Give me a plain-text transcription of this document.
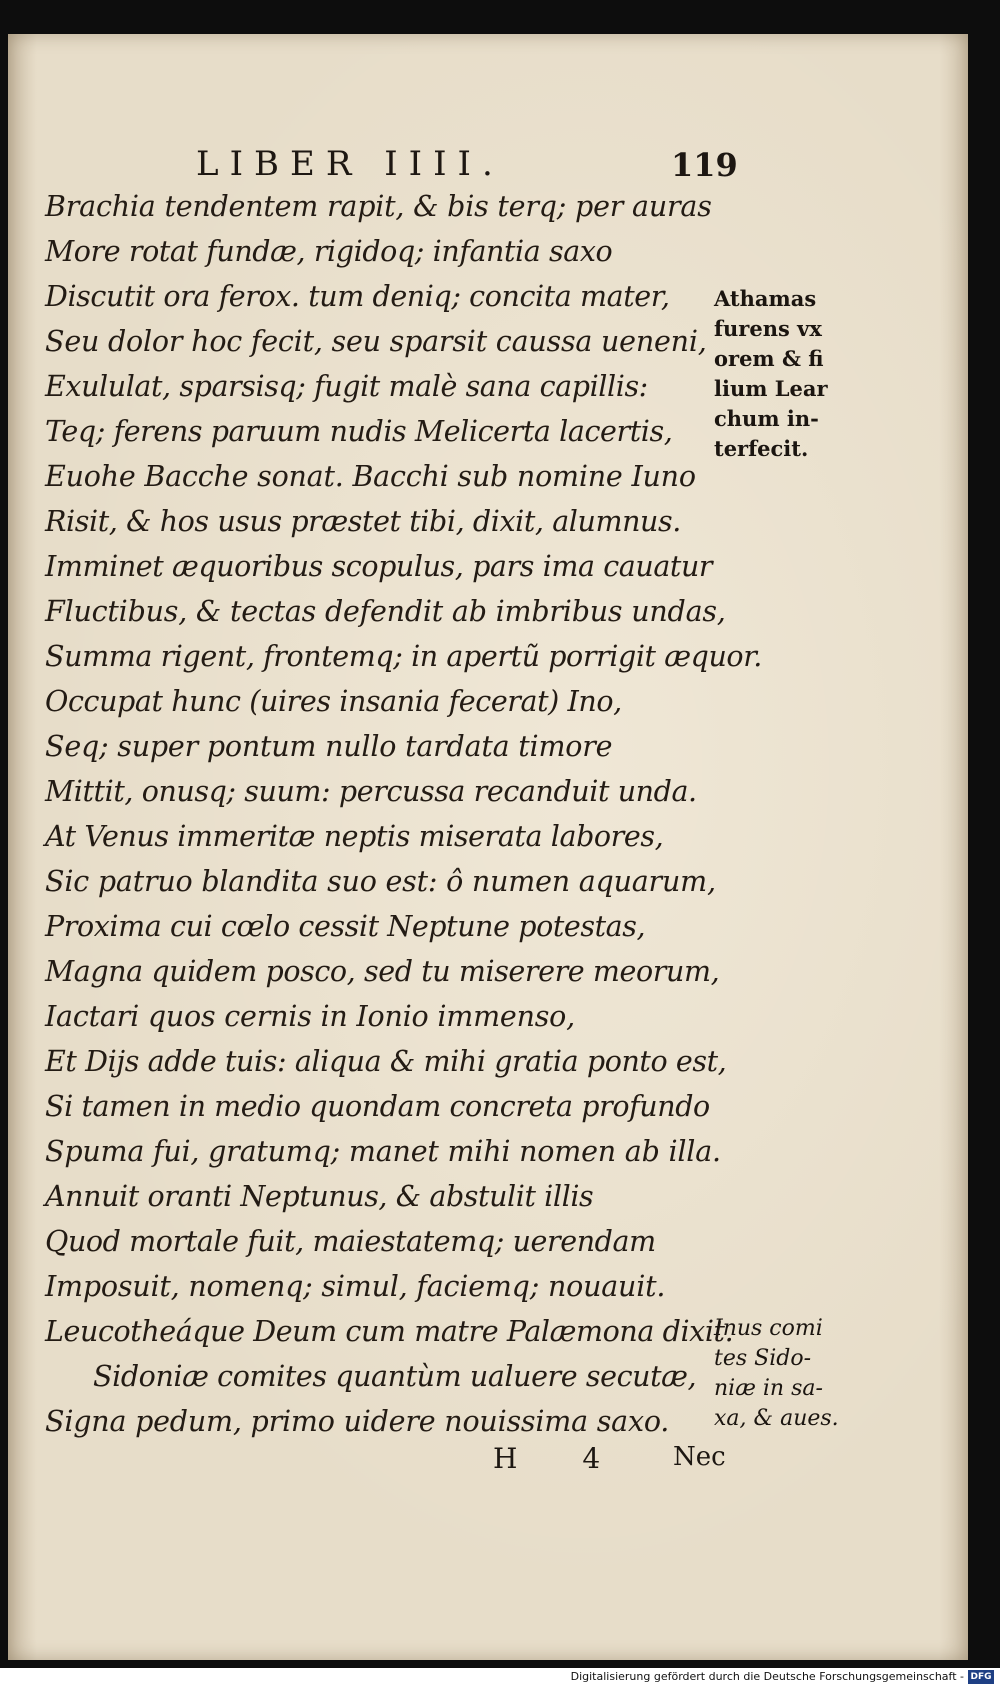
LIBER IIII.	119
Brachia tendentem rapit, & bis terq; per auras
More rotat fundæ, rigidoq; infantia saxo
Discutit ora ferox. tum deniq; concita mater,
Seu dolor hoc fecit, seu sparsit caussa ueneni,
Exululat, sparsisq; fugit malè sana capillis:
Teq; ferens paruum nudis Melicerta lacertis,
Euohe Bacche sonat. Bacchi sub nomine Iuno
Risit, & hos usus præstet tibi, dixit, alumnus.
Imminet æquoribus scopulus, pars ima cauatur
Fluctibus, & tectas defendit ab imbribus undas,
Summa rigent, frontemq; in apertũ porrigit æquor.
Occupat hunc (uires insania fecerat) Ino,
Seq; super pontum nullo tardata timore
Mittit, onusq; suum: percussa recanduit unda.
At Venus immeritæ neptis miserata labores,
Sic patruo blandita suo est: ô numen aquarum,
Proxima cui cœlo cessit Neptune potestas,
Magna quidem posco, sed tu miserere meorum,
Iactari quos cernis in Ionio immenso,
Et Dijs adde tuis: aliqua & mihi gratia ponto est,
Si tamen in medio quondam concreta profundo
Spuma fui, gratumq; manet mihi nomen ab illa.
Annuit oranti Neptunus, & abstulit illis
Quod mortale fuit, maiestatemq; uerendam
Imposuit, nomenq; simul, faciemq; nouauit.
Leucotheáque Deum cum matre Palæmona dixit.
Sidoniæ comites quantùm ualuere secutæ,
Signa pedum, primo uidere nouissima saxo.
Athamas
furens vx
orem & fi
lium Lear
chum in-
terfecit.
Inus comi
tes Sido-
niæ in sa-
xa, & aues.
H 4 Nec
Digitalisierung gefördert durch die Deutsche Forschungsgemeinschaft - DFG
